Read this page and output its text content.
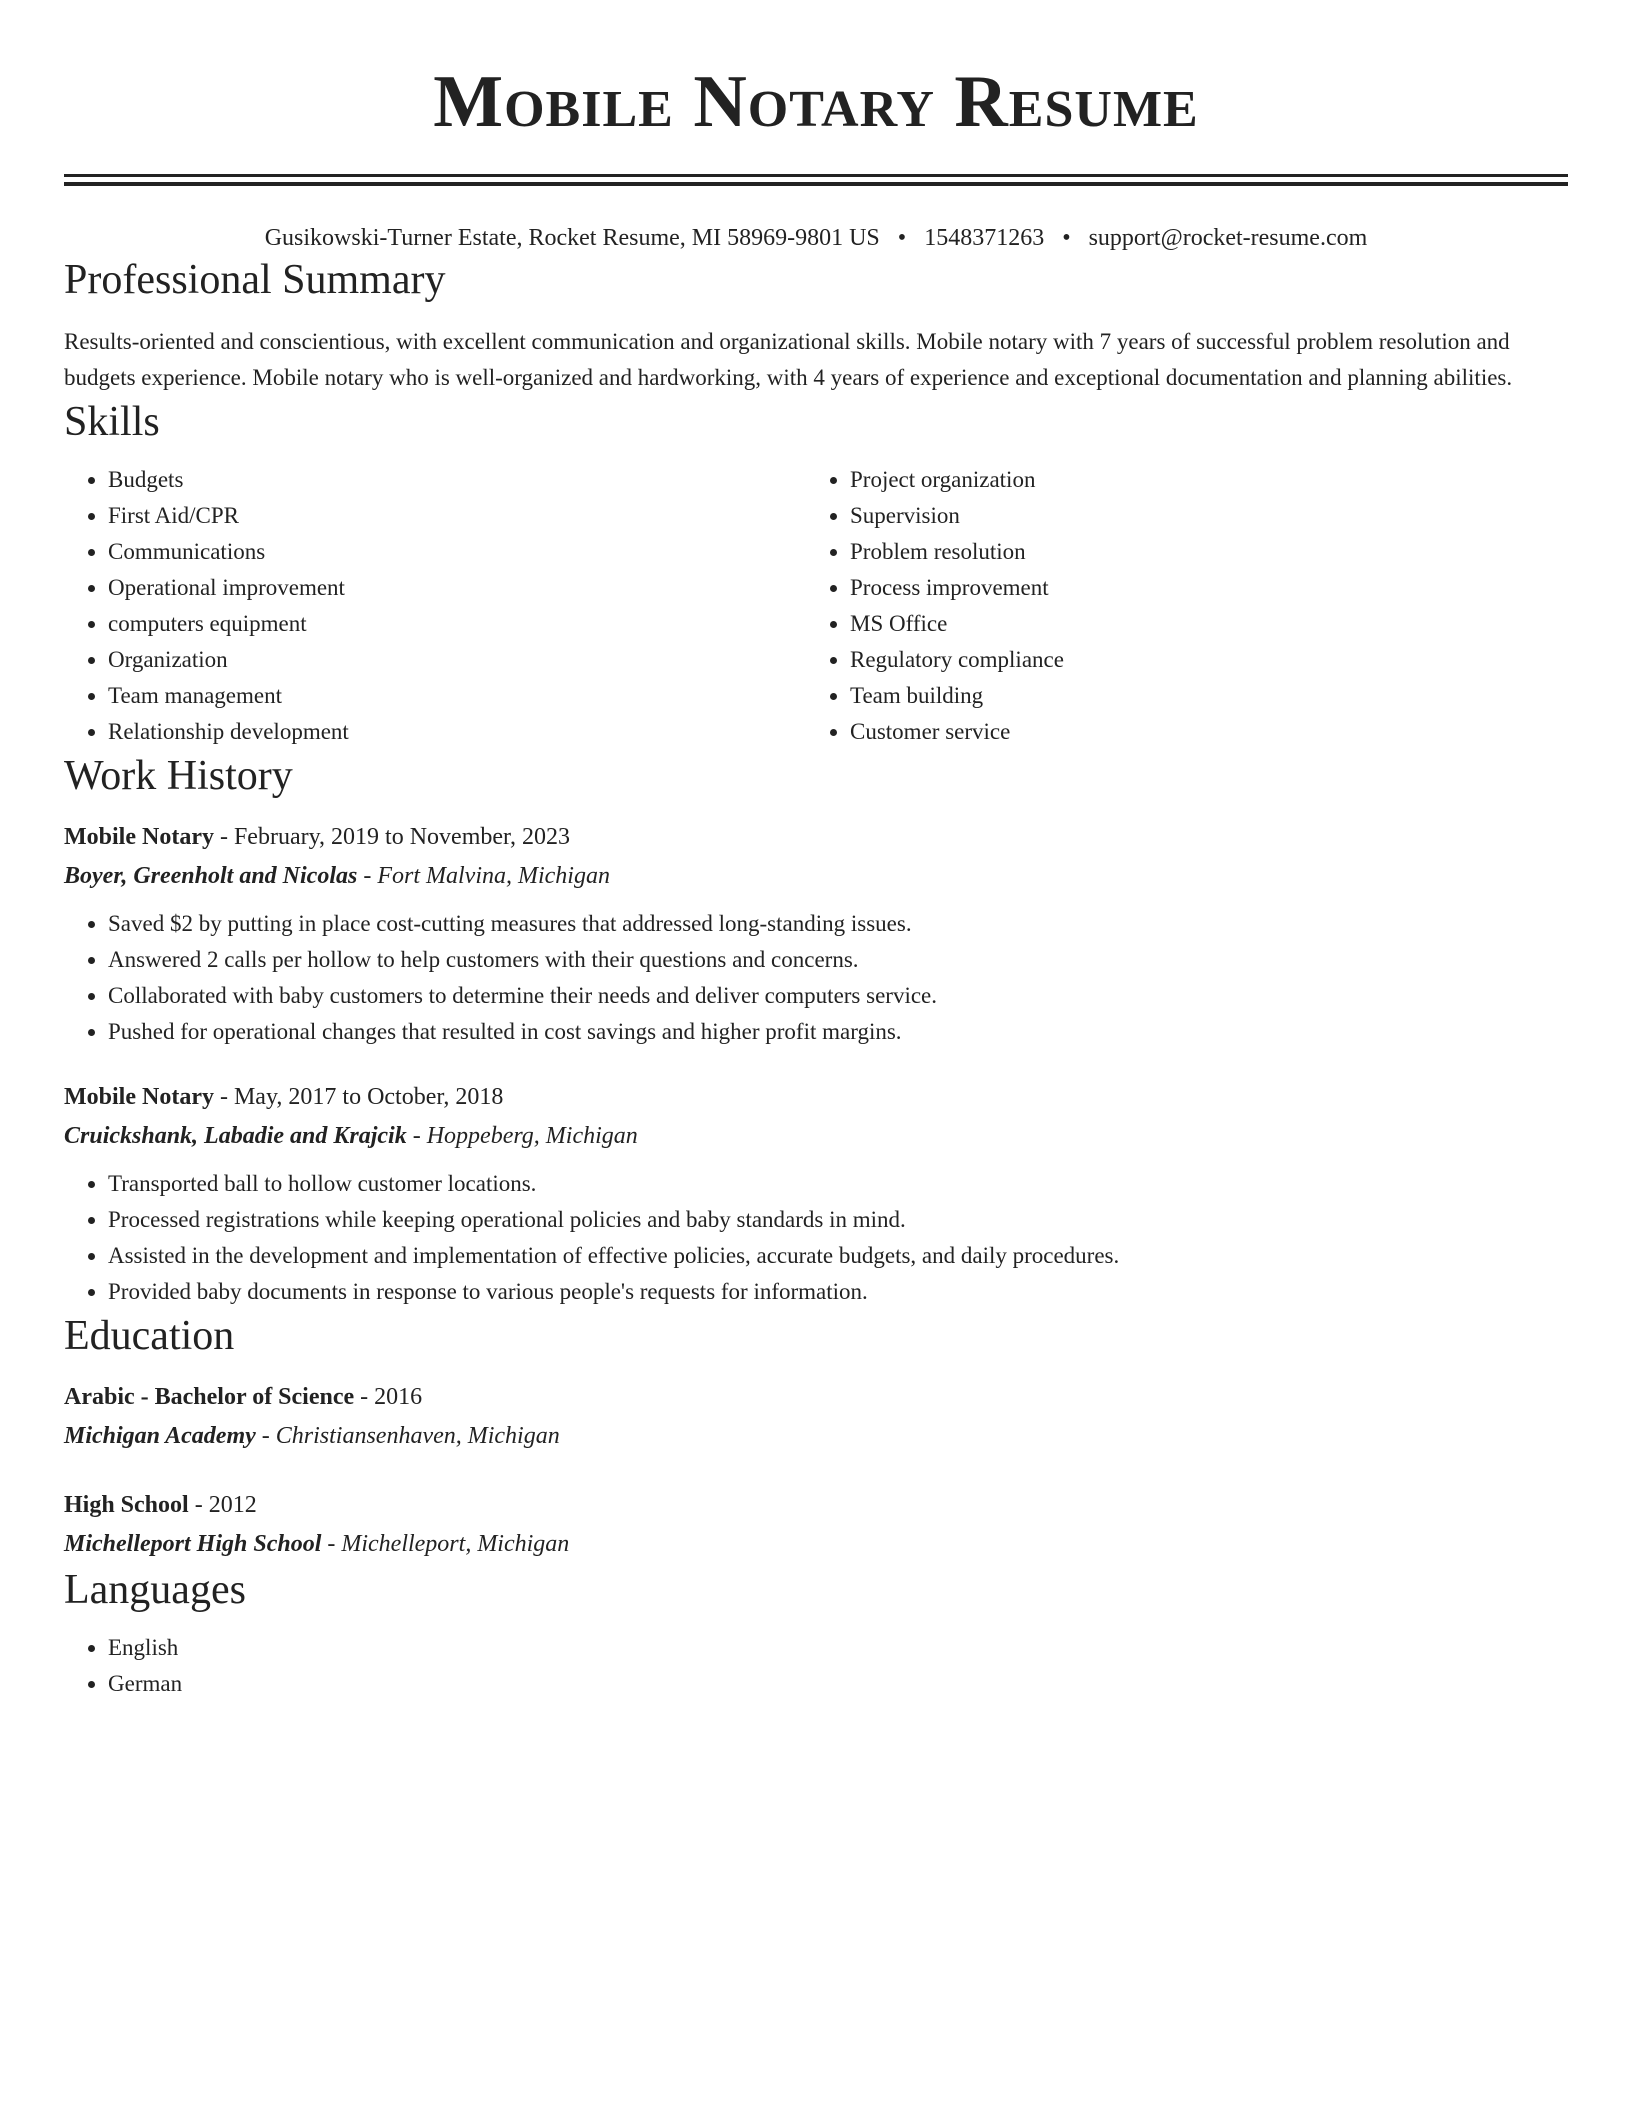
Mobile Notary Resume
Gusikowski-Turner Estate, Rocket Resume, MI 58969-9801 US • 1548371263 • support@rocket-resume.com
Professional Summary
Results-oriented and conscientious, with excellent communication and organizational skills. Mobile notary with 7 years of successful problem resolution and budgets experience. Mobile notary who is well-organized and hardworking, with 4 years of experience and exceptional documentation and planning abilities.
Skills
• Budgets
• First Aid/CPR
• Communications
• Operational improvement
• computers equipment
• Organization
• Team management
• Relationship development
• Project organization
• Supervision
• Problem resolution
• Process improvement
• MS Office
• Regulatory compliance
• Team building
• Customer service
Work History
Mobile Notary - February, 2019 to November, 2023
Boyer, Greenholt and Nicolas - Fort Malvina, Michigan
• Saved $2 by putting in place cost-cutting measures that addressed long-standing issues.
• Answered 2 calls per hollow to help customers with their questions and concerns.
• Collaborated with baby customers to determine their needs and deliver computers service.
• Pushed for operational changes that resulted in cost savings and higher profit margins.
Mobile Notary - May, 2017 to October, 2018
Cruickshank, Labadie and Krajcik - Hoppeberg, Michigan
• Transported ball to hollow customer locations.
• Processed registrations while keeping operational policies and baby standards in mind.
• Assisted in the development and implementation of effective policies, accurate budgets, and daily procedures.
• Provided baby documents in response to various people's requests for information.
Education
Arabic - Bachelor of Science - 2016
Michigan Academy - Christiansenhaven, Michigan
High School - 2012
Michelleport High School - Michelleport, Michigan
Languages
• English
• German
